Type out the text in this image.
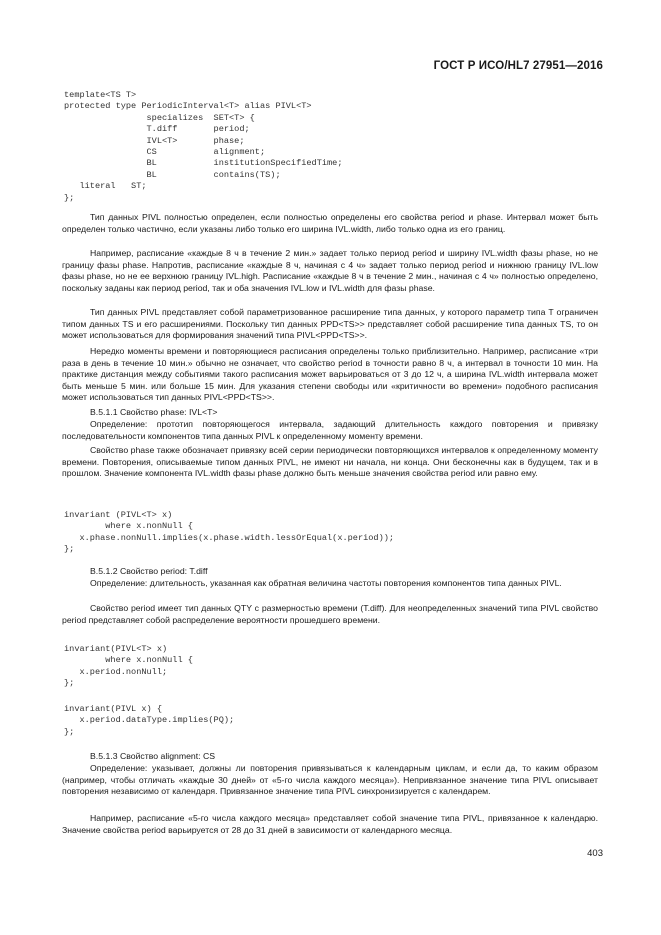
ГОСТ Р ИСО/HL7 27951—2016
template<TS T>
protected type PeriodicInterval<T> alias PIVL<T>
specializes  SET<T> {
T.diff       period;
IVL<T>       phase;
CS           alignment;
BL           institutionSpecifiedTime;
BL           contains(TS);
literal   ST;
};

Тип данных PIVL полностью определен, если полностью определены его свойства period и phase. Интервал может быть определен только частично, если указаны либо только его ширина IVL.width, либо только одна из его границ.

Например, расписание «каждые 8 ч в течение 2 мин.» задает только период period и ширину IVL.width фазы phase, но не границу фазы phase. Напротив, расписание «каждые 8 ч, начиная с 4 ч» задает только период period и нижнюю границу IVL.low фазы phase, но не ее верхнюю границу IVL.high. Расписание «каждые 8 ч в течение 2 мин., начиная с 4 ч» полностью определено, поскольку заданы как период period, так и оба значения IVL.low и IVL.width для фазы phase.

Тип данных PIVL представляет собой параметризованное расширение типа данных, у которого параметр типа T ограничен типом данных TS и его расширениями. Поскольку тип данных PPD<TS>> представляет собой расширение типа данных TS, то он может использоваться для формирования значений типа PIVL<PPD<TS>>.

Нередко моменты времени и повторяющиеся расписания определены только приблизительно. Например, расписание «три раза в день в течение 10 мин.» обычно не означает, что свойство period в точности равно 8 ч, а интервал в точности 10 мин. На практике дистанция между событиями такого расписания может варьироваться от 3 до 12 ч, а ширина IVL.width интервала может быть меньше 5 мин. или больше 15 мин. Для указания степени свободы или «критичности во времени» подобного расписания может использоваться тип данных PIVL<PPD<TS>>.

В.5.1.1 Свойство phase: IVL<T>

Определение: прототип повторяющегося интервала, задающий длительность каждого повторения и привязку последовательности компонентов типа данных PIVL к определенному моменту времени.

Свойство phase также обозначает привязку всей серии периодически повторяющихся интервалов к определенному моменту времени. Повторения, описываемые типом данных PIVL, не имеют ни начала, ни конца. Они бесконечны как в будущем, так и в прошлом. Значение компонента IVL.width фазы phase должно быть меньше значения свойства period или равно ему.

invariant (PIVL<T> x)
where x.nonNull {
x.phase.nonNull.implies(x.phase.width.lessOrEqual(x.period));
};

В.5.1.2 Свойство period: T.diff

Определение: длительность, указанная как обратная величина частоты повторения компонентов типа данных PIVL.

Свойство period имеет тип данных QTY с размерностью времени (T.diff). Для неопределенных значений типа PIVL свойство period представляет собой распределение вероятности прошедшего времени.

invariant(PIVL<T> x)
where x.nonNull {
x.period.nonNull;
};
invariant(PIVL x) {
x.period.dataType.implies(PQ);
};

В.5.1.3 Свойство alignment: CS

Определение: указывает, должны ли повторения привязываться к календарным циклам, и если да, то каким образом (например, чтобы отличать «каждые 30 дней» от «5-го числа каждого месяца»). Непривязанное значение типа PIVL описывает повторения независимо от календаря. Привязанное значение типа PIVL синхронизируется с календарем.

Например, расписание «5-го числа каждого месяца» представляет собой значение типа PIVL, привязанное к календарю. Значение свойства period варьируется от 28 до 31 дней в зависимости от календарного месяца.

403
